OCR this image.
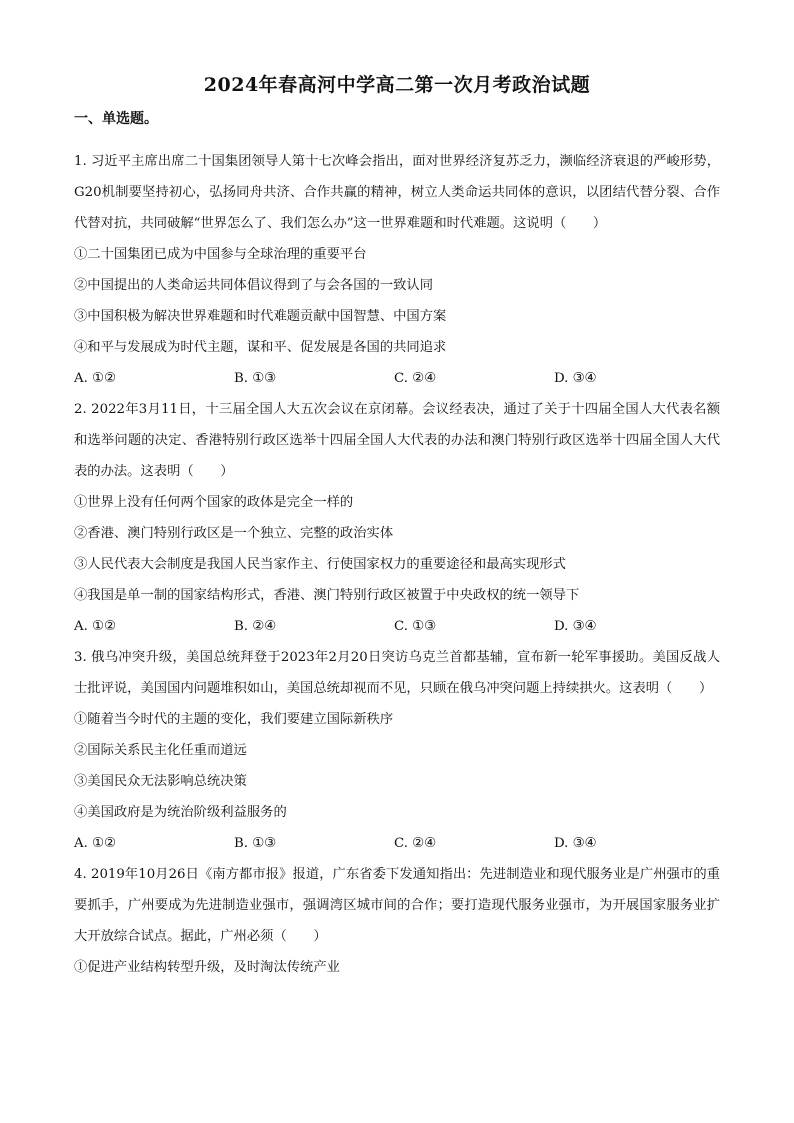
2024年春高河中学高二第一次月考政治试题
一、单选题。

1. 习近平主席出席二十国集团领导人第十七次峰会指出，面对世界经济复苏乏力，濒临经济衰退的严峻形势，G20机制要坚持初心，弘扬同舟共济、合作共赢的精神，树立人类命运共同体的意识，以团结代替分裂、合作代替对抗，共同破解“世界怎么了、我们怎么办”这一世界难题和时代难题。这说明（　　）

①二十国集团已成为中国参与全球治理的重要平台

②中国提出的人类命运共同体倡议得到了与会各国的一致认同

③中国积极为解决世界难题和时代难题贡献中国智慧、中国方案

④和平与发展成为时代主题，谋和平、促发展是各国的共同追求

A. ①②	B. ①③	C. ②④	D. ③④

2. 2022年3月11日，十三届全国人大五次会议在京闭幕。会议经表决，通过了关于十四届全国人大代表名额和选举问题的决定、香港特别行政区选举十四届全国人大代表的办法和澳门特别行政区选举十四届全国人大代表的办法。这表明（　　）

①世界上没有任何两个国家的政体是完全一样的

②香港、澳门特别行政区是一个独立、完整的政治实体

③人民代表大会制度是我国人民当家作主、行使国家权力的重要途径和最高实现形式

④我国是单一制的国家结构形式，香港、澳门特别行政区被置于中央政权的统一领导下

A. ①②	B. ②④	C. ①③	D. ③④

3. 俄乌冲突升级，美国总统拜登于2023年2月20日突访乌克兰首都基辅，宣布新一轮军事援助。美国反战人士批评说，美国国内问题堆积如山，美国总统却视而不见，只顾在俄乌冲突问题上持续拱火。这表明（　　）

①随着当今时代的主题的变化，我们要建立国际新秩序

②国际关系民主化任重而道远

③美国民众无法影响总统决策

④美国政府是为统治阶级利益服务的

A. ①②	B. ①③	C. ②④	D. ③④

4. 2019年10月26日《南方都市报》报道，广东省委下发通知指出：先进制造业和现代服务业是广州强市的重要抓手，广州要成为先进制造业强市，强调湾区城市间的合作；要打造现代服务业强市，为开展国家服务业扩大开放综合试点。据此，广州必须（　　）

①促进产业结构转型升级，及时淘汰传统产业
